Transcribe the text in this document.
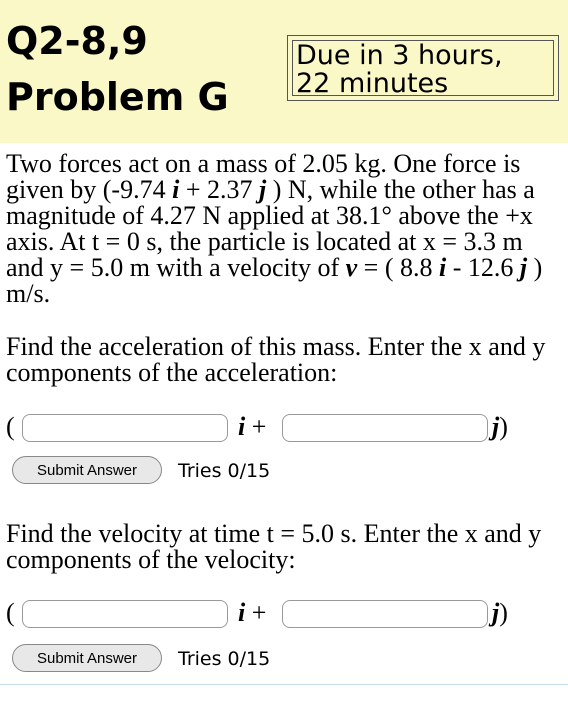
Q2-8,9
Problem G
Due in 3 hours,
22 minutes
Two forces act on a mass of 2.05 kg. One force is given by (-9.74 i + 2.37 j ) N, while the other has a magnitude of 4.27 N applied at 38.1° above the +x axis. At t = 0 s, the particle is located at x = 3.3 m and y = 5.0 m with a velocity of v = ( 8.8 i - 12.6 j ) m/s.
Find the acceleration of this mass. Enter the x and y components of the acceleration:
(	i +	j)
Submit Answer	Tries 0/15
Find the velocity at time t = 5.0 s. Enter the x and y components of the velocity:
(	i +	j)
Submit Answer	Tries 0/15
